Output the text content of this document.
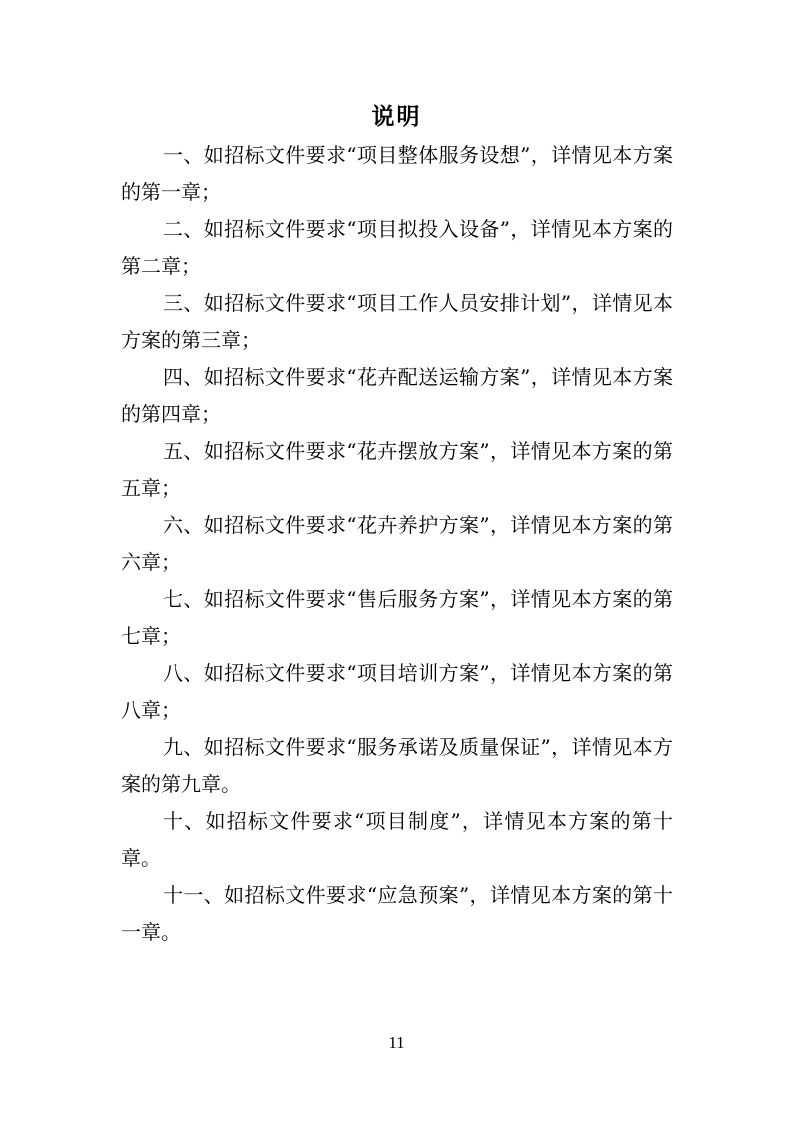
说明

一、如招标文件要求“项目整体服务设想”，详情见本方案的第一章；

二、如招标文件要求“项目拟投入设备”，详情见本方案的第二章；

三、如招标文件要求“项目工作人员安排计划”，详情见本方案的第三章；

四、如招标文件要求“花卉配送运输方案”，详情见本方案的第四章；

五、如招标文件要求“花卉摆放方案”，详情见本方案的第五章；

六、如招标文件要求“花卉养护方案”，详情见本方案的第六章；

七、如招标文件要求“售后服务方案”，详情见本方案的第七章；

八、如招标文件要求“项目培训方案”，详情见本方案的第八章；

九、如招标文件要求“服务承诺及质量保证”，详情见本方案的第九章。

十、如招标文件要求“项目制度”，详情见本方案的第十章。

十一、如招标文件要求“应急预案”，详情见本方案的第十一章。

11
